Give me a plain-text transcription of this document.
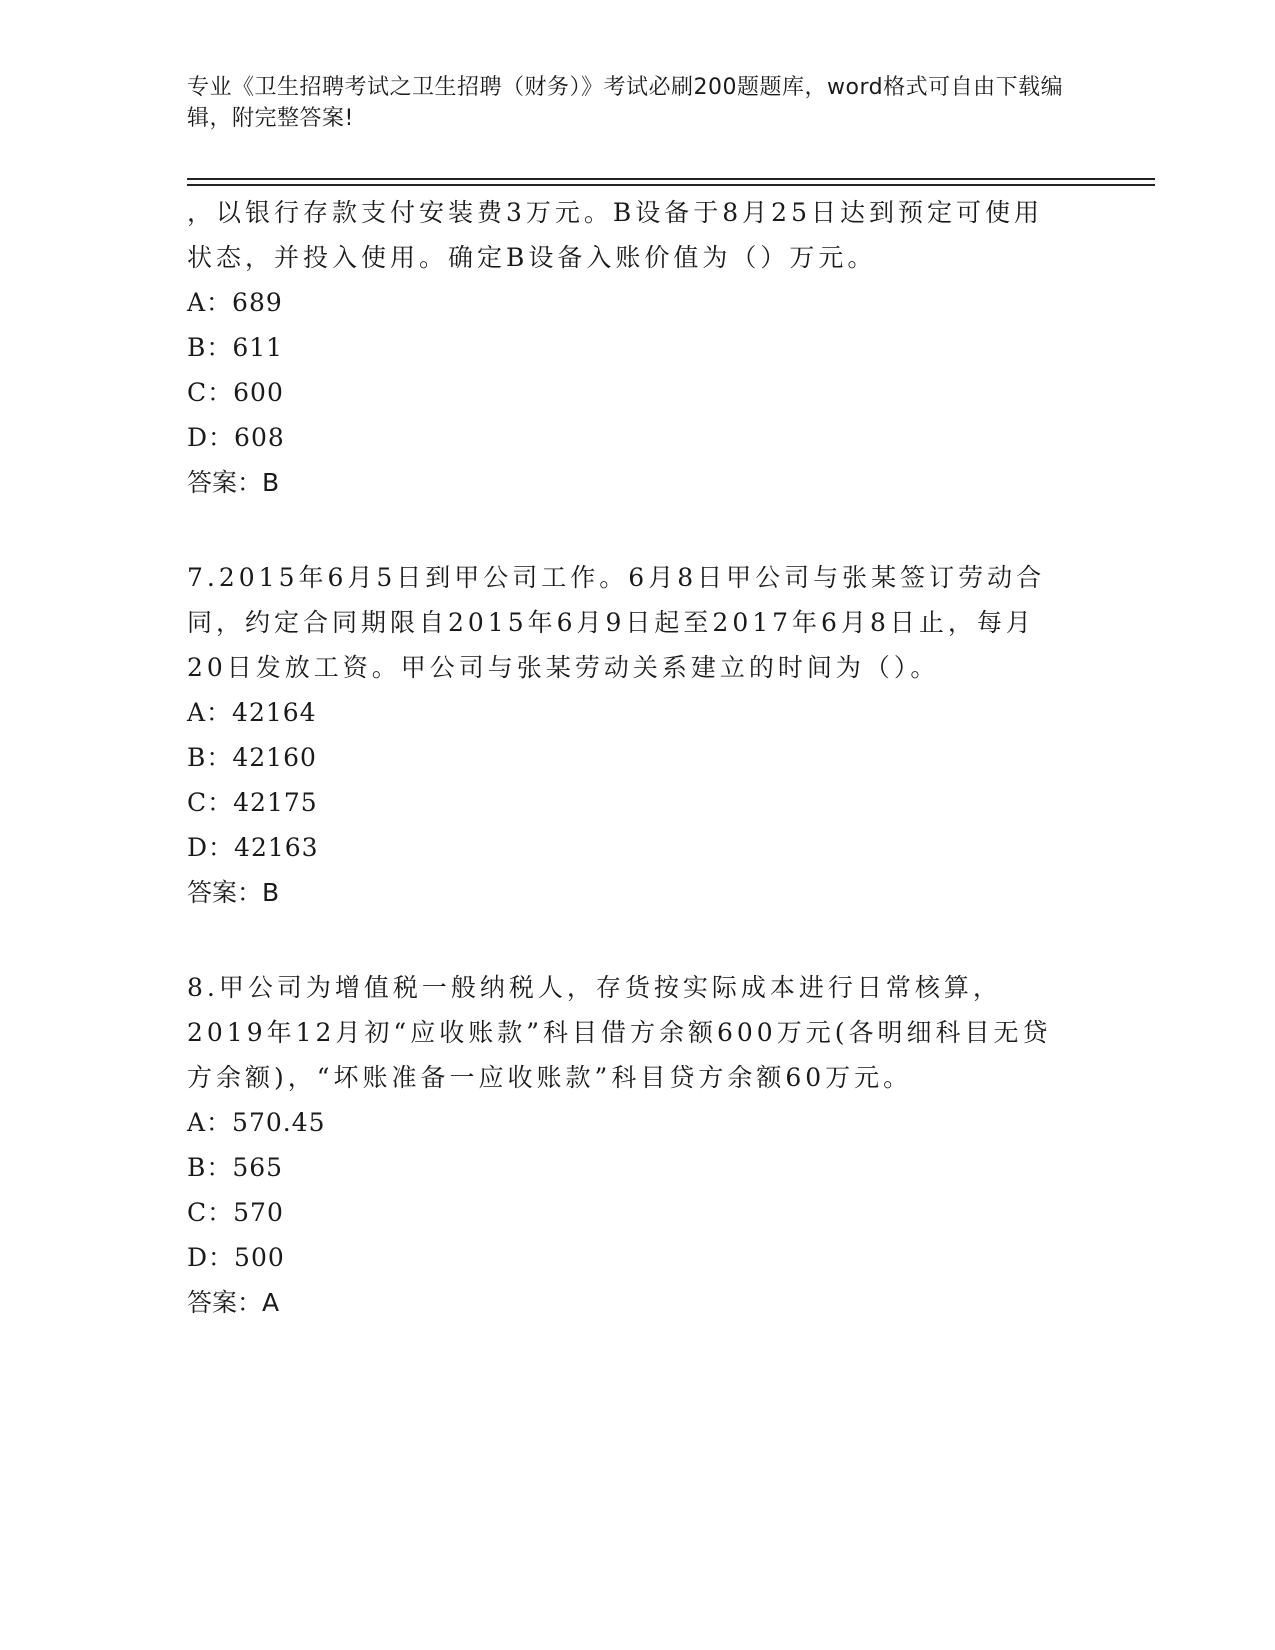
专业《卫生招聘考试之卫生招聘（财务）》考试必刷200题题库，word格式可自由下载编辑，附完整答案!

，以银行存款支付安装费3万元。B设备于8月25日达到预定可使用状态，并投入使用。确定B设备入账价值为（）万元。

A：689

B：611

C：600

D：608

答案：B

7.2015年6月5日到甲公司工作。6月8日甲公司与张某签订劳动合同，约定合同期限自2015年6月9日起至2017年6月8日止，每月20日发放工资。甲公司与张某劳动关系建立的时间为（）。

A：42164

B：42160

C：42175

D：42163

答案：B

8.甲公司为增值税一般纳税人，存货按实际成本进行日常核算，2019年12月初“应收账款”科目借方余额600万元(各明细科目无贷方余额)，“坏账准备一应收账款”科目贷方余额60万元。

A：570.45

B：565

C：570

D：500

答案：A
